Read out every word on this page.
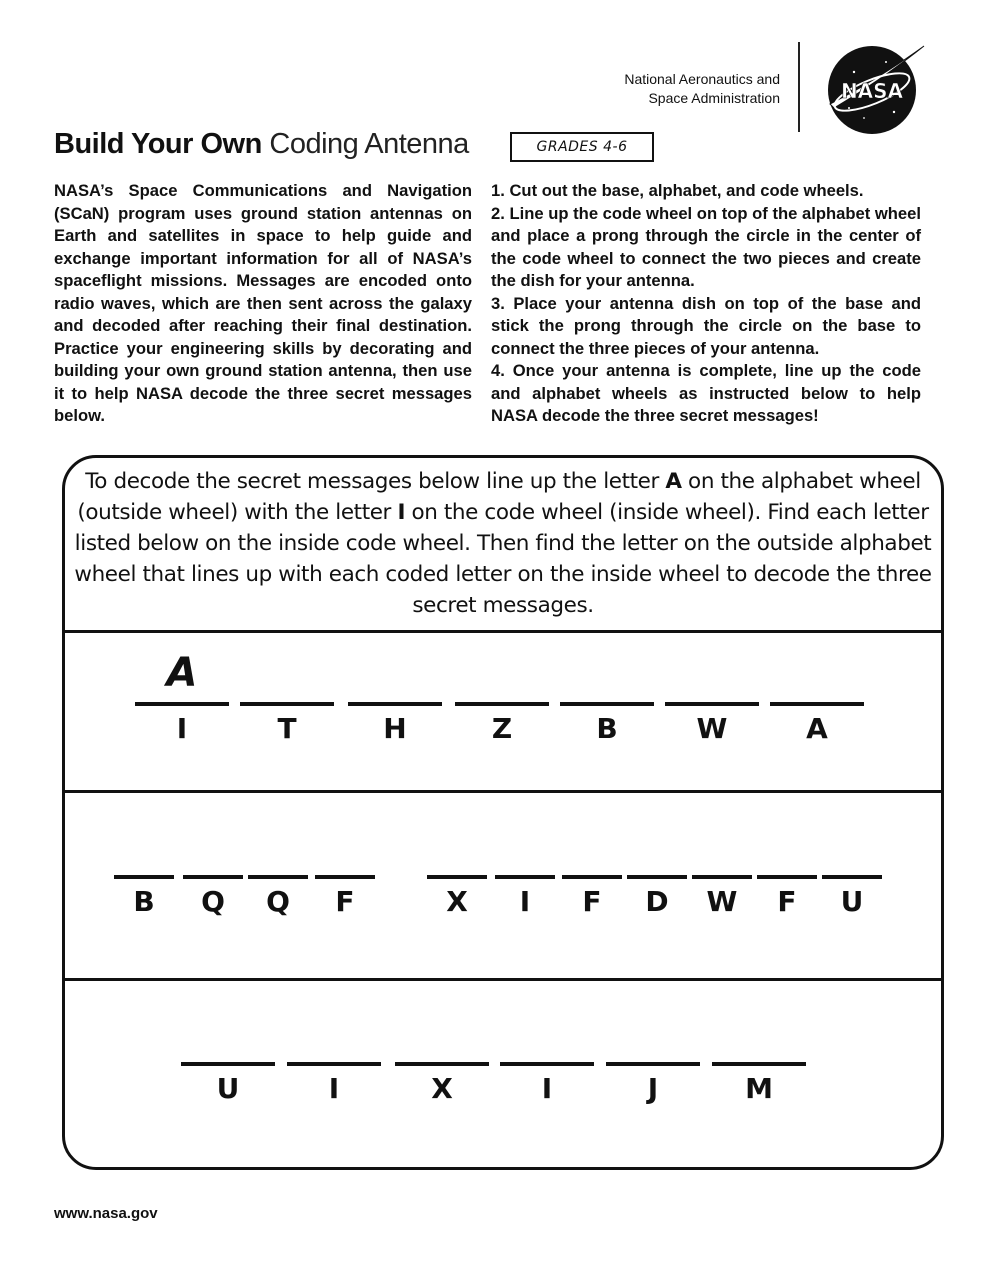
National Aeronautics and
Space Administration	NASA
Build Your Own Coding Antenna	GRADES 4-6

NASA’s Space Communications and Navigation (SCaN) program uses ground station antennas on Earth and satellites in space to help guide and exchange important information for all of NASA’s spaceflight missions. Messages are encoded onto radio waves, which are then sent across the galaxy and decoded after reaching their final destination. Practice your engineering skills by decorating and building your own ground station antenna, then use it to help NASA decode the three secret messages below.

1. Cut out the base, alphabet, and code wheels.

2. Line up the code wheel on top of the alphabet wheel and place a prong through the circle in the center of the code wheel to connect the two pieces and create the dish for your antenna.

3. Place your antenna dish on top of the base and stick the prong through the circle on the base to connect the three pieces of your antenna.

4. Once your antenna is complete, line up the code and alphabet wheels as instructed below to help NASA decode the three secret messages!

To decode the secret messages below line up the letter A on the alphabet wheel (outside wheel) with the letter I on the code wheel (inside wheel). Find each letter listed below on the inside code wheel. Then find the letter on the outside alphabet wheel that lines up with each coded letter on the inside wheel to decode the three secret messages.
A
I	T	H	Z	B	W	A
B	Q	Q	F	X	I	F	D	W	F	U
U	I	X	I	J	M
www.nasa.gov
